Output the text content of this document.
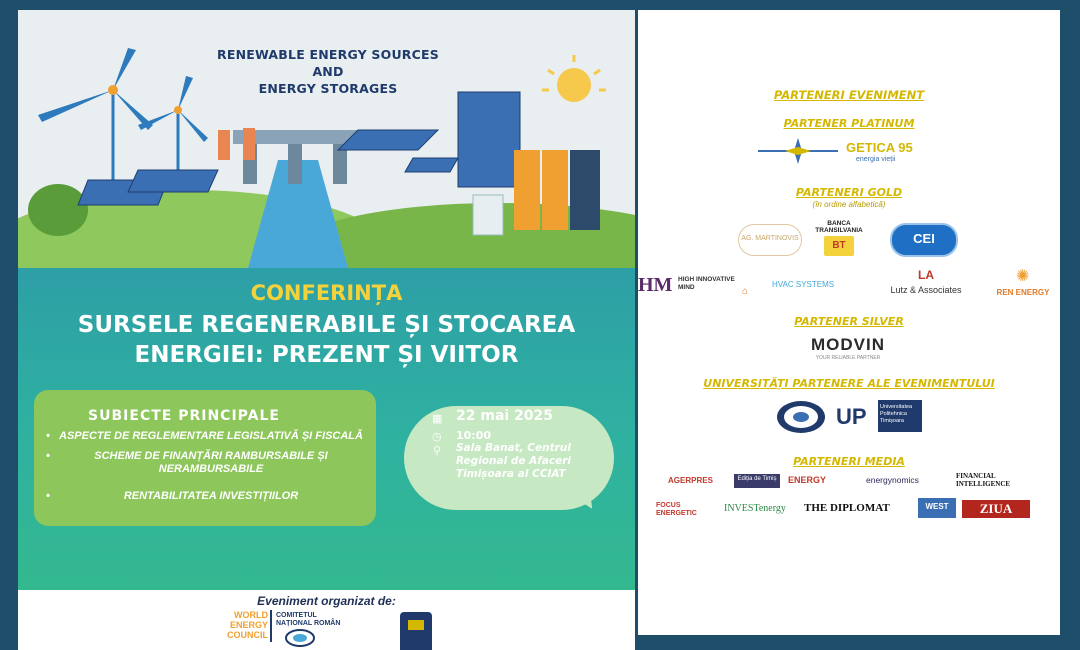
RENEWABLE ENERGY SOURCES AND
ENERGY STORAGES
CONFERINȚA
SURSELE REGENERABILE ȘI STOCAREA
ENERGIEI: PREZENT ȘI VIITOR
SUBIECTE PRINCIPALE
• ASPECTE DE REGLEMENTARE LEGISLATIVĂ ȘI FISCALĂ
• SCHEME DE FINANȚĂRI RAMBURSABILE ȘI NERAMBURSABILE
• RENTABILITATEA INVESTIȚIILOR
▦ 22 mai 2025
◷ 10:00
⚲ Sala Banat, Centrul
Regional de Afaceri
Timișoara al CCIAT
Eveniment organizat de:
WORLD
ENERGY
COUNCIL
COMITETUL
NAȚIONAL ROMÂN
PARTENERI EVENIMENT
PARTENER PLATINUM
GETICA 95
energia vieții
PARTENERI GOLD
(în ordine alfabetică)
AG. MARTINOVIS
BANCA TRANSILVANIA
BT	CEI
HM HIGH INNOVATIVE MIND	⌂
HVAC SYSTEMS
LA
Lutz & Associates
✺
REN ENERGY
PARTENER SILVER
MODVIN
YOUR RELIABLE PARTNER
UNIVERSITĂȚI PARTENERE ALE EVENIMENTULUI
UP Universitatea Politehnica Timișoara
PARTENERI MEDIA
AGERPRES	Ediția de Timiș	ENERGY	energynomics	FINANCIAL INTELLIGENCE
FOCUS ENERGETIC	INVESTenergy THE DIPLOMAT	WEST	ZIUA
